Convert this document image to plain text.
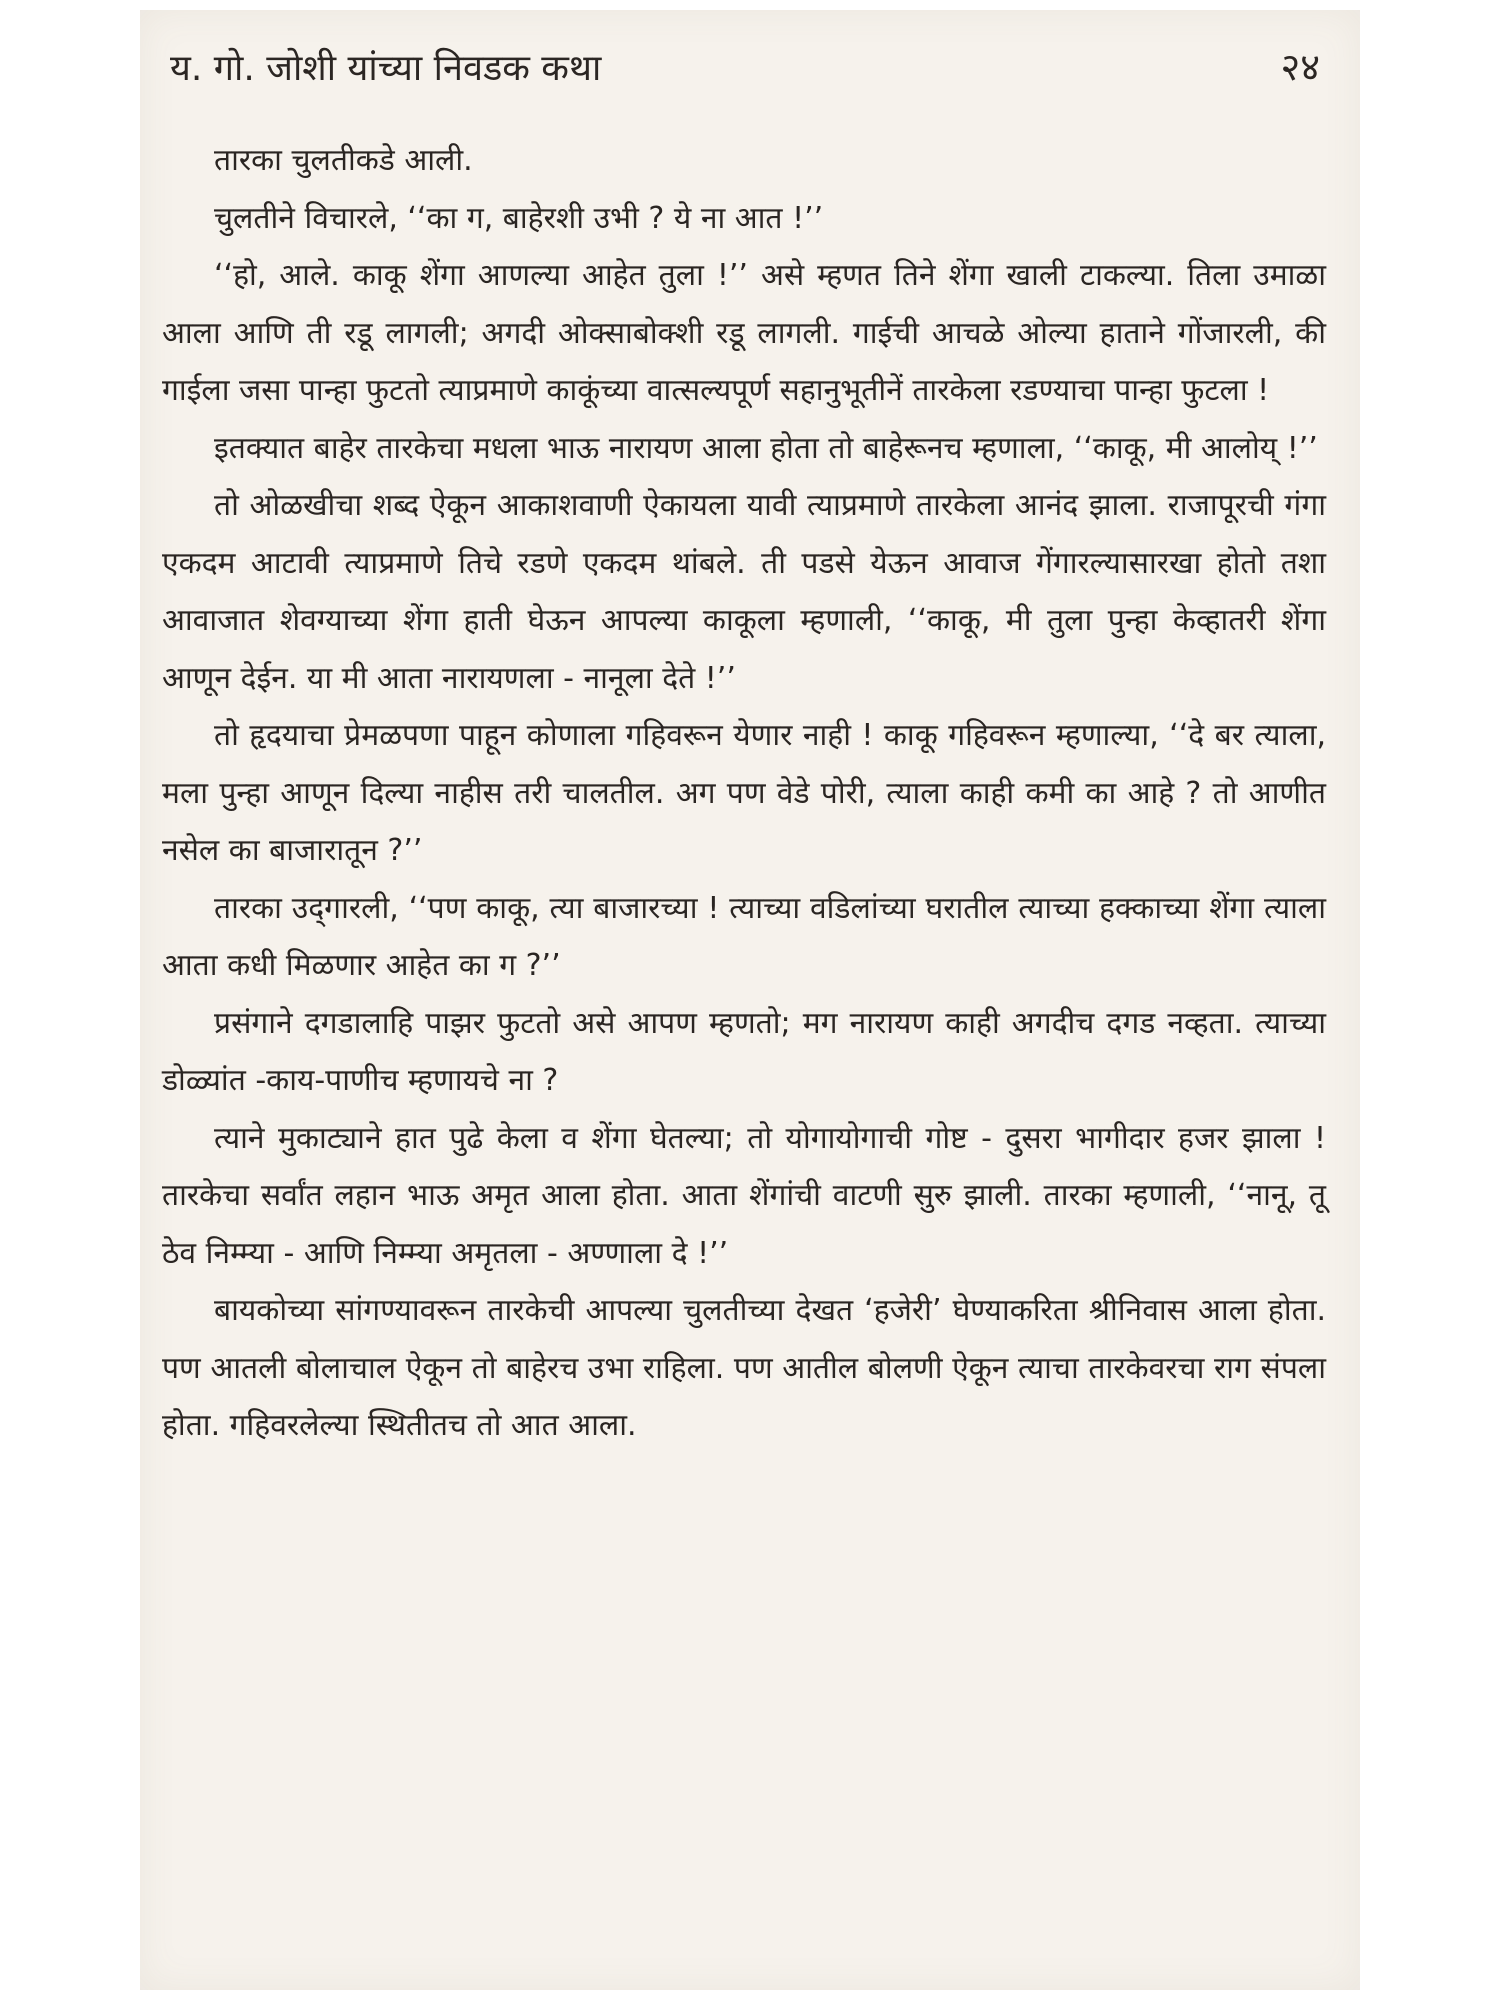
य. गो. जोशी यांच्या निवडक कथा	२४

तारका चुलतीकडे आली.

चुलतीने विचारले, ‘‘का ग, बाहेरशी उभी ? ये ना आत !’’

‘‘हो, आले. काकू शेंगा आणल्या आहेत तुला !’’ असे म्हणत तिने शेंगा खाली टाकल्या. तिला उमाळा आला आणि ती रडू लागली; अगदी ओक्साबोक्शी रडू लागली. गाईची आचळे ओल्या हाताने गोंजारली, की गाईला जसा पान्हा फुटतो त्याप्रमाणे काकूंच्या वात्सल्यपूर्ण सहानुभूतीनें तारकेला रडण्याचा पान्हा फुटला !

इतक्यात बाहेर तारकेचा मधला भाऊ नारायण आला होता तो बाहेरूनच म्हणाला, ‘‘काकू, मी आलोय् !’’

तो ओळखीचा शब्द ऐकून आकाशवाणी ऐकायला यावी त्याप्रमाणे तारकेला आनंद झाला. राजापूरची गंगा एकदम आटावी त्याप्रमाणे तिचे रडणे एकदम थांबले. ती पडसे येऊन आवाज गेंगारल्यासारखा होतो तशा आवाजात शेवग्याच्या शेंगा हाती घेऊन आपल्या काकूला म्हणाली, ‘‘काकू, मी तुला पुन्हा केव्हातरी शेंगा आणून देईन. या मी आता नारायणला - नानूला देते !’’

तो हृदयाचा प्रेमळपणा पाहून कोणाला गहिवरून येणार नाही ! काकू गहिवरून म्हणाल्या, ‘‘दे बर त्याला, मला पुन्हा आणून दिल्या नाहीस तरी चालतील. अग पण वेडे पोरी, त्याला काही कमी का आहे ? तो आणीत नसेल का बाजारातून ?’’

तारका उद्‌गारली, ‘‘पण काकू, त्या बाजारच्या ! त्याच्या वडिलांच्या घरातील त्याच्या हक्काच्या शेंगा त्याला आता कधी मिळणार आहेत का ग ?’’

प्रसंगाने दगडालाहि पाझर फुटतो असे आपण म्हणतो; मग नारायण काही अगदीच दगड नव्हता. त्याच्या डोळ्यांत -काय-पाणीच म्हणायचे ना ?

त्याने मुकाट्याने हात पुढे केला व शेंगा घेतल्या; तो योगायोगाची गोष्ट - दुसरा भागीदार हजर झाला ! तारकेचा सर्वांत लहान भाऊ अमृत आला होता. आता शेंगांची वाटणी सुरु झाली. तारका म्हणाली, ‘‘नानू, तू ठेव निम्म्या - आणि निम्म्या अमृतला - अण्णाला दे !’’

बायकोच्या सांगण्यावरून तारकेची आपल्या चुलतीच्या देखत ‘हजेरी’ घेण्याकरिता श्रीनिवास आला होता. पण आतली बोलाचाल ऐकून तो बाहेरच उभा राहिला. पण आतील बोलणी ऐकून त्याचा तारकेवरचा राग संपला होता. गहिवरलेल्या स्थितीतच तो आत आला.
